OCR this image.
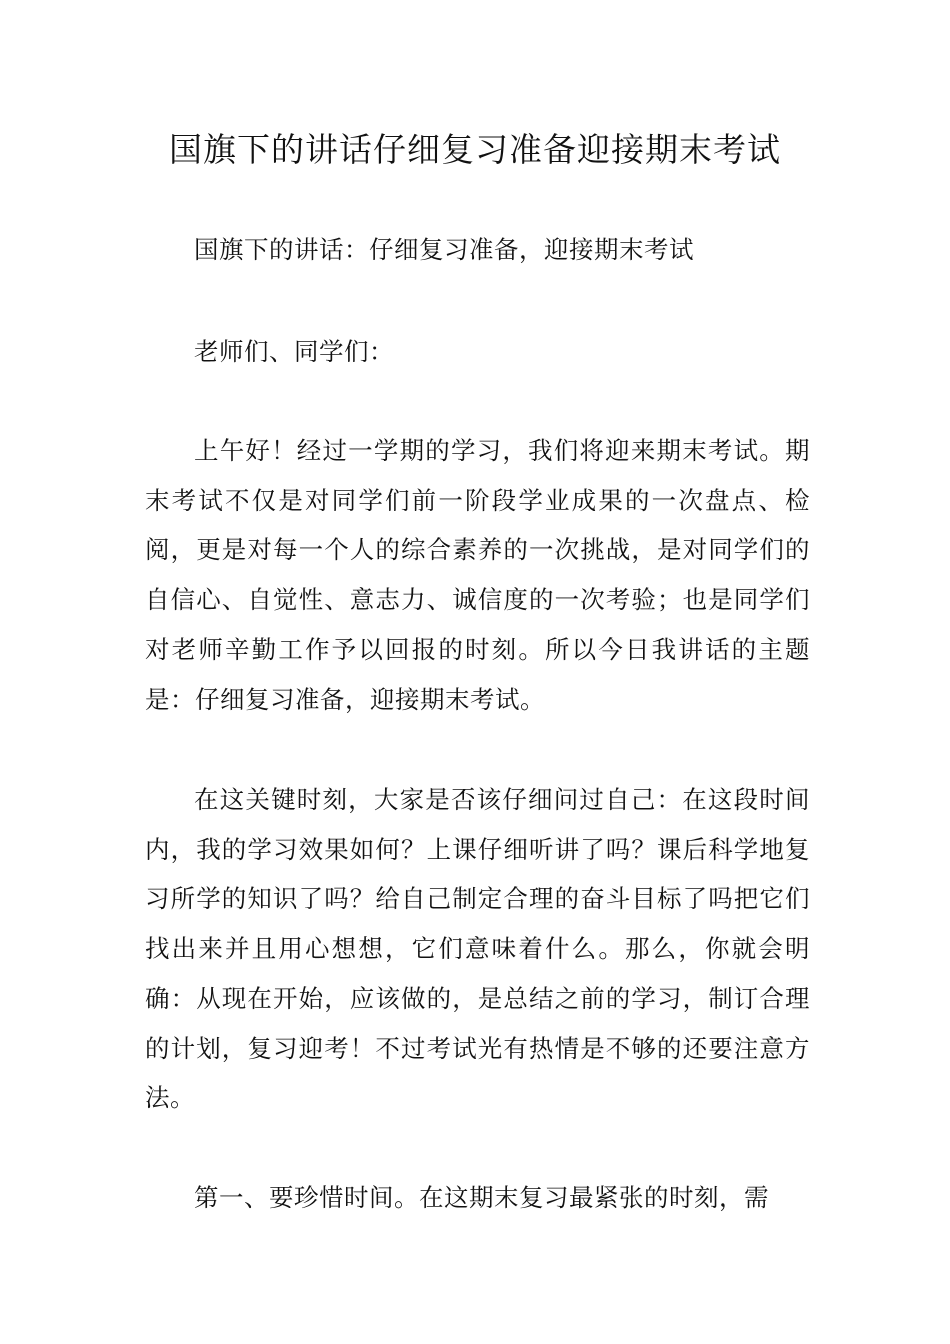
国旗下的讲话仔细复习准备迎接期末考试

国旗下的讲话：仔细复习准备，迎接期末考试

老师们、同学们：

上午好！经过一学期的学习，我们将迎来期末考试。期末考试不仅是对同学们前一阶段学业成果的一次盘点、检阅，更是对每一个人的综合素养的一次挑战，是对同学们的自信心、自觉性、意志力、诚信度的一次考验；也是同学们对老师辛勤工作予以回报的时刻。所以今日我讲话的主题是：仔细复习准备，迎接期末考试。

在这关键时刻，大家是否该仔细问过自己：在这段时间内，我的学习效果如何？上课仔细听讲了吗？课后科学地复习所学的知识了吗？给自己制定合理的奋斗目标了吗把它们找出来并且用心想想，它们意味着什么。那么，你就会明确：从现在开始，应该做的，是总结之前的学习，制订合理的计划，复习迎考！不过考试光有热情是不够的还要注意方法。

第一、要珍惜时间。在这期末复习最紧张的时刻，需
